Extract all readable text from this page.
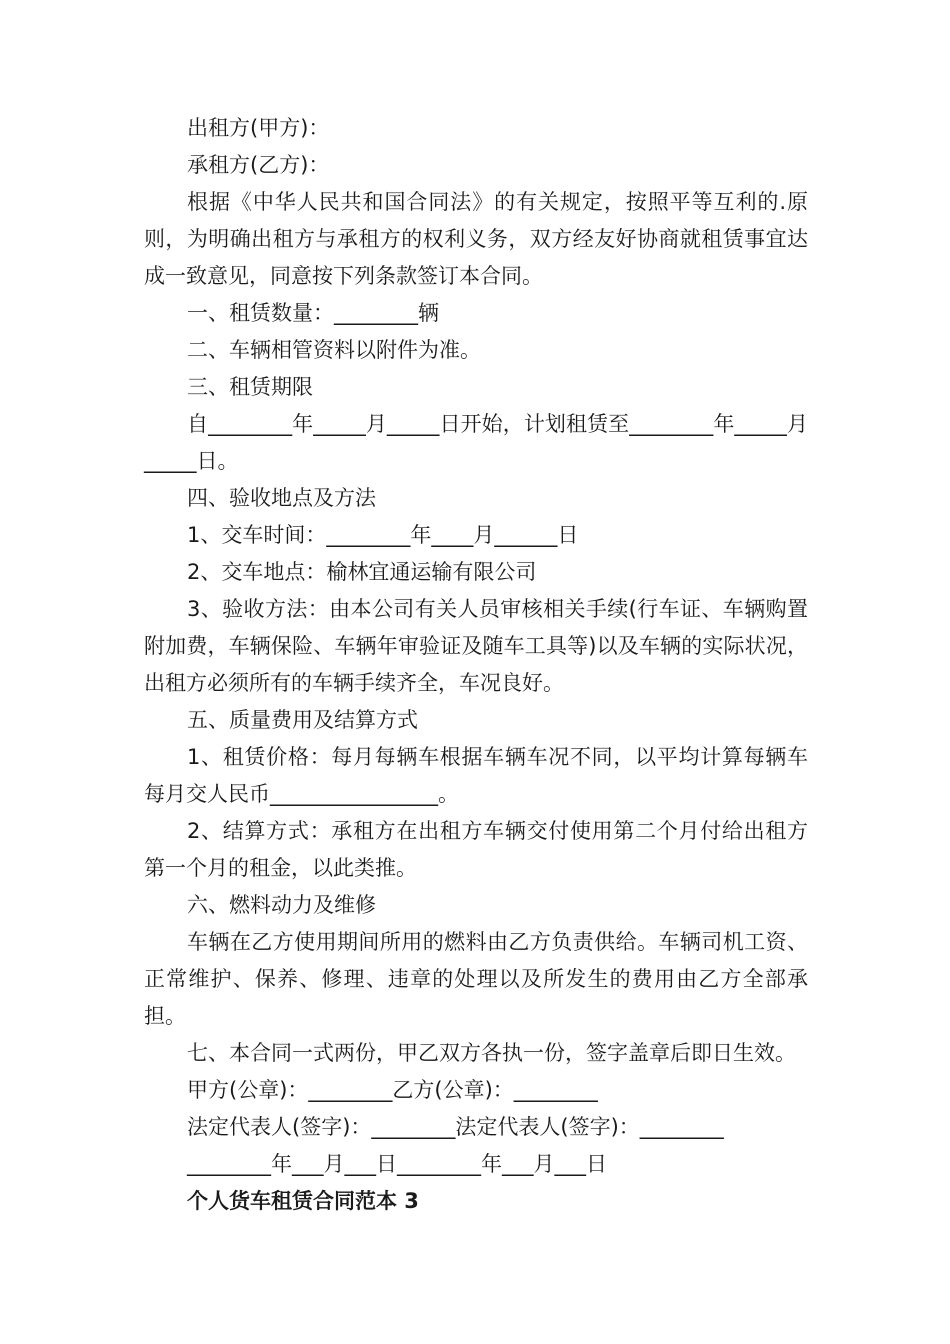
出租方(甲方)：

承租方(乙方)：

根据《中华人民共和国合同法》的有关规定，按照平等互利的.原则，为明确出租方与承租方的权利义务，双方经友好协商就租赁事宜达成一致意见，同意按下列条款签订本合同。

一、租赁数量：________辆

二、车辆相管资料以附件为准。

三、租赁期限

自________年_____月_____日开始，计划租赁至________年_____月_____日。

四、验收地点及方法

1、交车时间：________年____月______日

2、交车地点：榆林宜通运输有限公司

3、验收方法：由本公司有关人员审核相关手续(行车证、车辆购置附加费，车辆保险、车辆年审验证及随车工具等)以及车辆的实际状况，出租方必须所有的车辆手续齐全，车况良好。

五、质量费用及结算方式

1、租赁价格：每月每辆车根据车辆车况不同，以平均计算每辆车每月交人民币________________。

2、结算方式：承租方在出租方车辆交付使用第二个月付给出租方第一个月的租金，以此类推。

六、燃料动力及维修

车辆在乙方使用期间所用的燃料由乙方负责供给。车辆司机工资、正常维护、保养、修理、违章的处理以及所发生的费用由乙方全部承担。

七、本合同一式两份，甲乙双方各执一份，签字盖章后即日生效。

甲方(公章)：________乙方(公章)：________

法定代表人(签字)：________法定代表人(签字)：________

________年___月___日________年___月___日

个人货车租赁合同范本 3
